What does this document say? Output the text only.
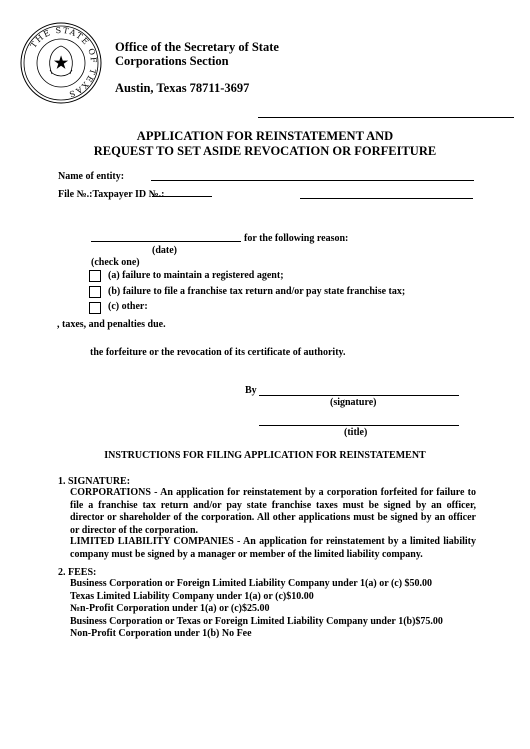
THE STATE OF TEXAS
★
Office of the Secretary of State
Corporations Section
Austin, Texas 78711-3697
APPLICATION FOR REINSTATEMENT AND
REQUEST TO SET ASIDE REVOCATION OR FORFEITURE
Name of entity:
File №.:Taxpayer ID №.:
for the following reason:
(date)
(check one)
(a) failure to maintain a registered agent;
(b) failure to file a franchise tax return and/or pay state franchise tax;
(c) other:
, taxes, and penalties due.
the forfeiture or the revocation of its certificate of authority.
By
(signature)
(title)
INSTRUCTIONS FOR FILING APPLICATION FOR REINSTATEMENT
1. SIGNATURE:
CORPORATIONS - An application for reinstatement by a corporation forfeited for failure to file a franchise tax return and/or pay state franchise taxes must be signed by an officer, director or shareholder of the corporation. All other applications must be signed by an officer or director of the corporation.
LIMITED LIABILITY COMPANIES - An application for reinstatement by a limited liability company must be signed by a manager or member of the limited liability company.
2. FEES:
Business Corporation or Foreign Limited Liability Company under 1(a) or (c) $50.00
Texas Limited Liability Company under 1(a) or (c)$10.00
№n-Profit Corporation under 1(a) or (c)$25.00
Business Corporation or Texas or Foreign Limited Liability Company under 1(b)$75.00
Non-Profit Corporation under 1(b) No Fee
